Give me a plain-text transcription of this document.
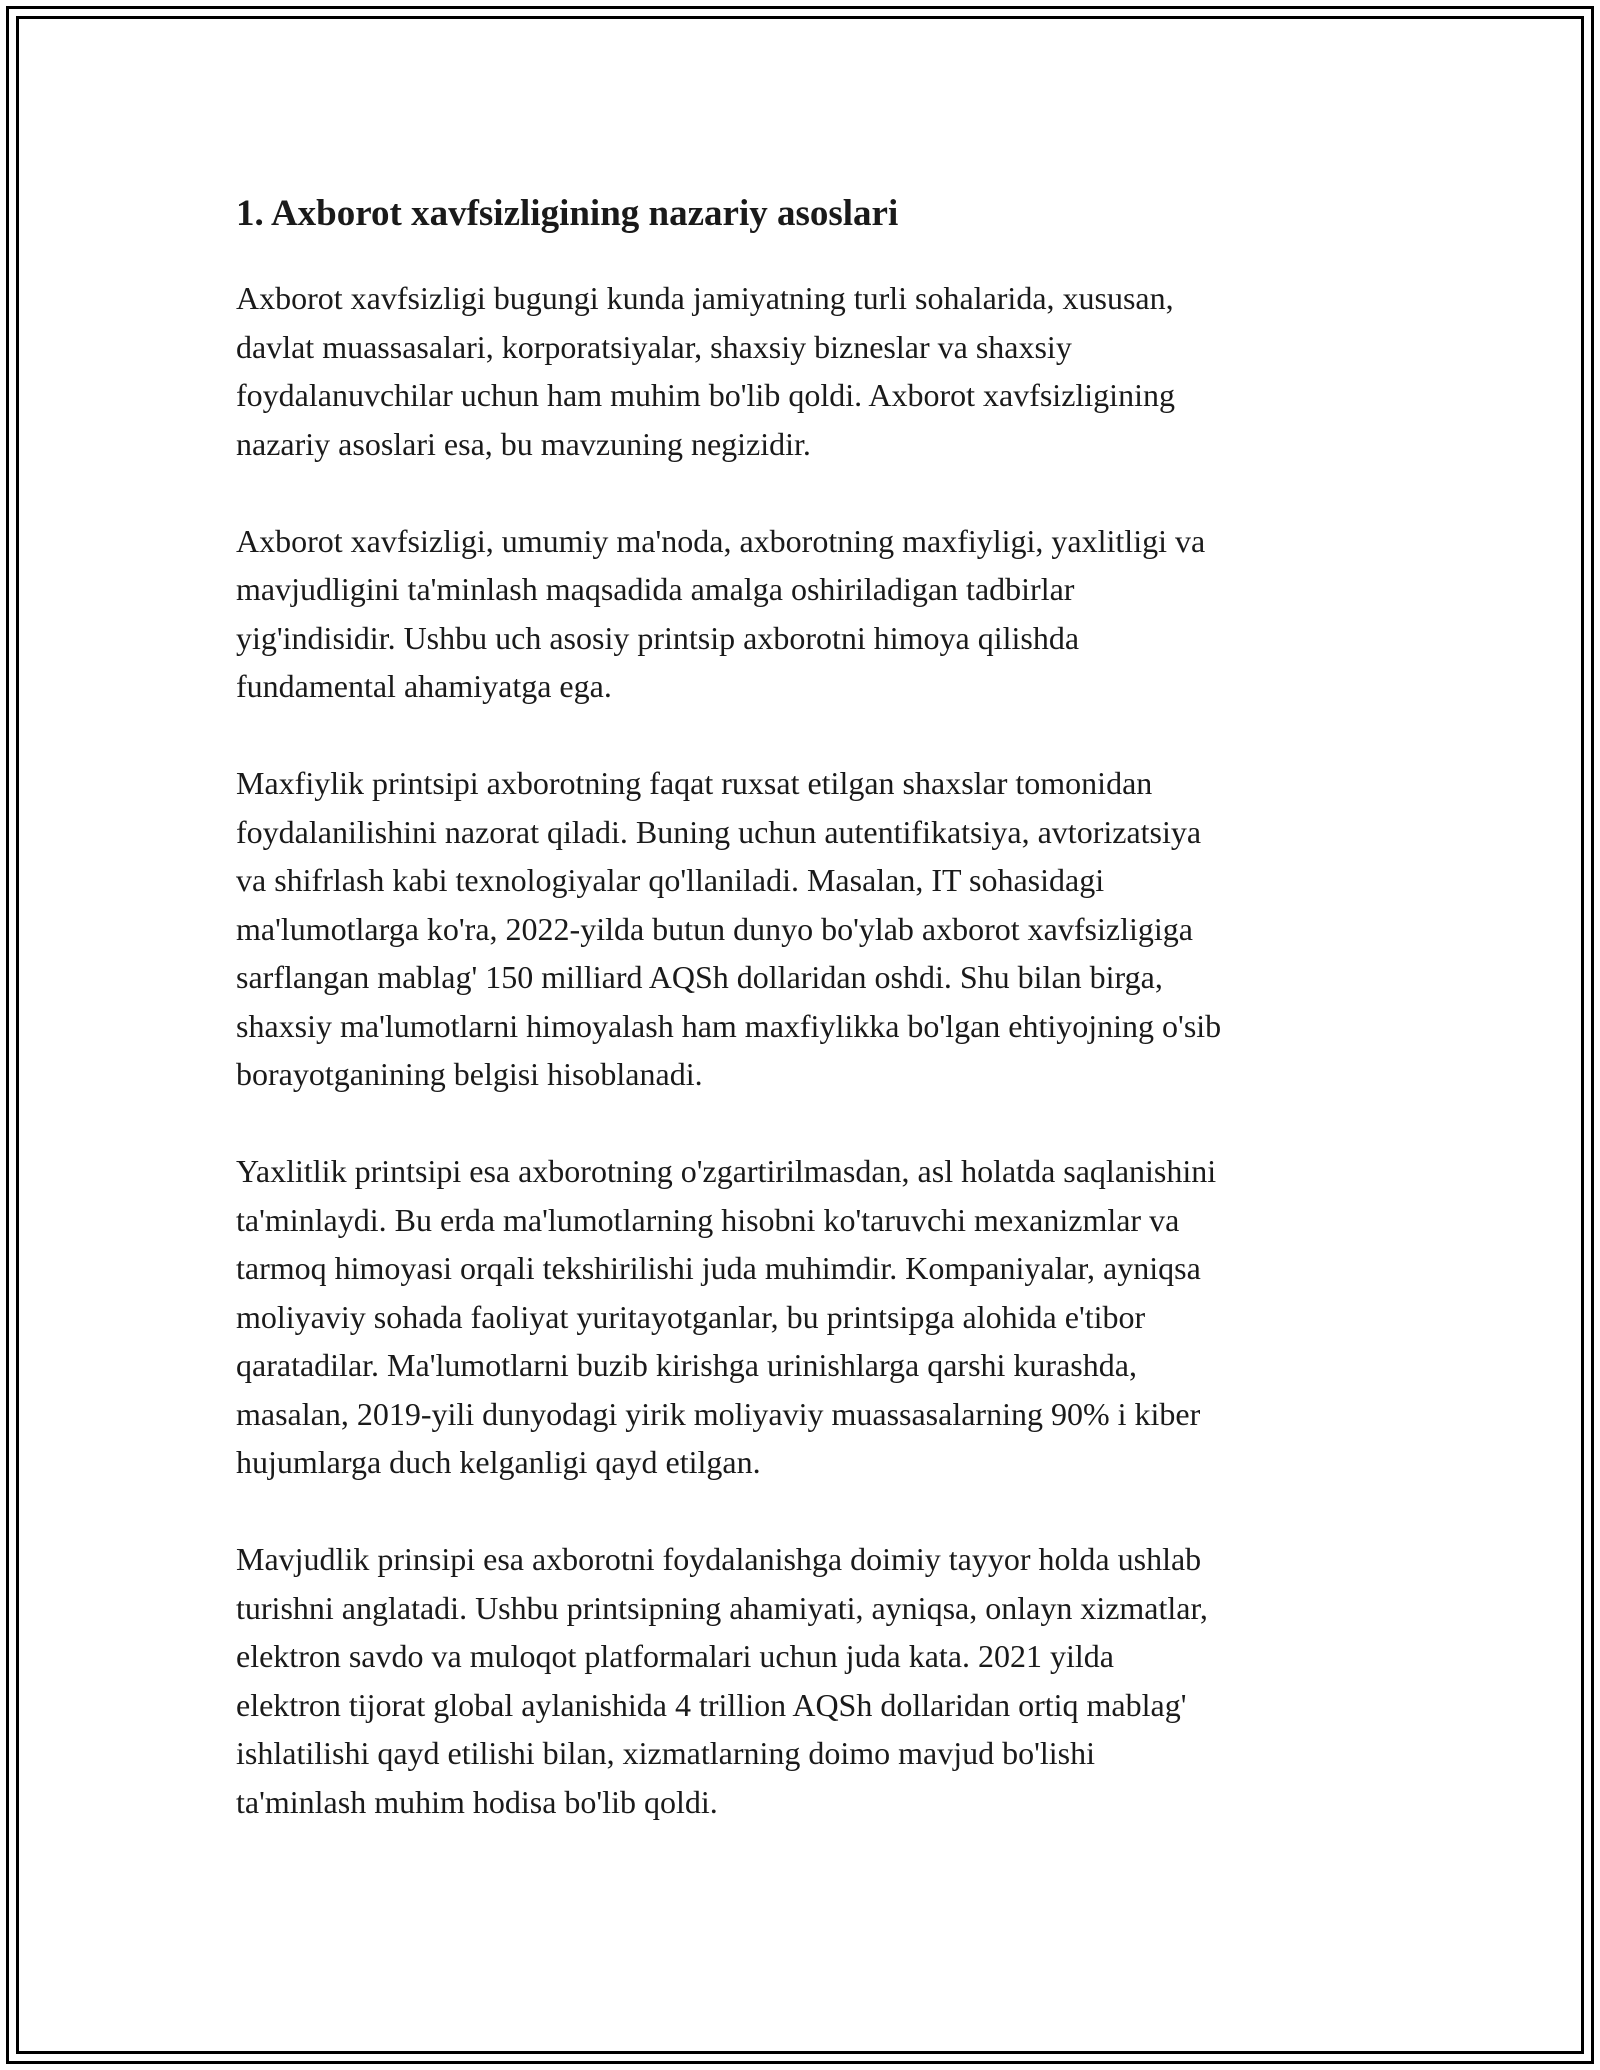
1. Axborot xavfsizligining nazariy asoslari

Axborot xavfsizligi bugungi kunda jamiyatning turli sohalarida, xususan,
davlat muassasalari, korporatsiyalar, shaxsiy bizneslar va shaxsiy
foydalanuvchilar uchun ham muhim bo'lib qoldi. Axborot xavfsizligining
nazariy asoslari esa, bu mavzuning negizidir.

Axborot xavfsizligi, umumiy ma'noda, axborotning maxfiyligi, yaxlitligi va
mavjudligini ta'minlash maqsadida amalga oshiriladigan tadbirlar
yig'indisidir. Ushbu uch asosiy printsip axborotni himoya qilishda
fundamental ahamiyatga ega.

Maxfiylik printsipi axborotning faqat ruxsat etilgan shaxslar tomonidan
foydalanilishini nazorat qiladi. Buning uchun autentifikatsiya, avtorizatsiya
va shifrlash kabi texnologiyalar qo'llaniladi. Masalan, IT sohasidagi
ma'lumotlarga ko'ra, 2022-yilda butun dunyo bo'ylab axborot xavfsizligiga
sarflangan mablag' 150 milliard AQSh dollaridan oshdi. Shu bilan birga,
shaxsiy ma'lumotlarni himoyalash ham maxfiylikka bo'lgan ehtiyojning o'sib
borayotganining belgisi hisoblanadi.

Yaxlitlik printsipi esa axborotning o'zgartirilmasdan, asl holatda saqlanishini
ta'minlaydi. Bu erda ma'lumotlarning hisobni ko'taruvchi mexanizmlar va
tarmoq himoyasi orqali tekshirilishi juda muhimdir. Kompaniyalar, ayniqsa
moliyaviy sohada faoliyat yuritayotganlar, bu printsipga alohida e'tibor
qaratadilar. Ma'lumotlarni buzib kirishga urinishlarga qarshi kurashda,
masalan, 2019-yili dunyodagi yirik moliyaviy muassasalarning 90% i kiber
hujumlarga duch kelganligi qayd etilgan.

Mavjudlik prinsipi esa axborotni foydalanishga doimiy tayyor holda ushlab
turishni anglatadi. Ushbu printsipning ahamiyati, ayniqsa, onlayn xizmatlar,
elektron savdo va muloqot platformalari uchun juda kata. 2021 yilda
elektron tijorat global aylanishida 4 trillion AQSh dollaridan ortiq mablag'
ishlatilishi qayd etilishi bilan, xizmatlarning doimo mavjud bo'lishi
ta'minlash muhim hodisa bo'lib qoldi.
